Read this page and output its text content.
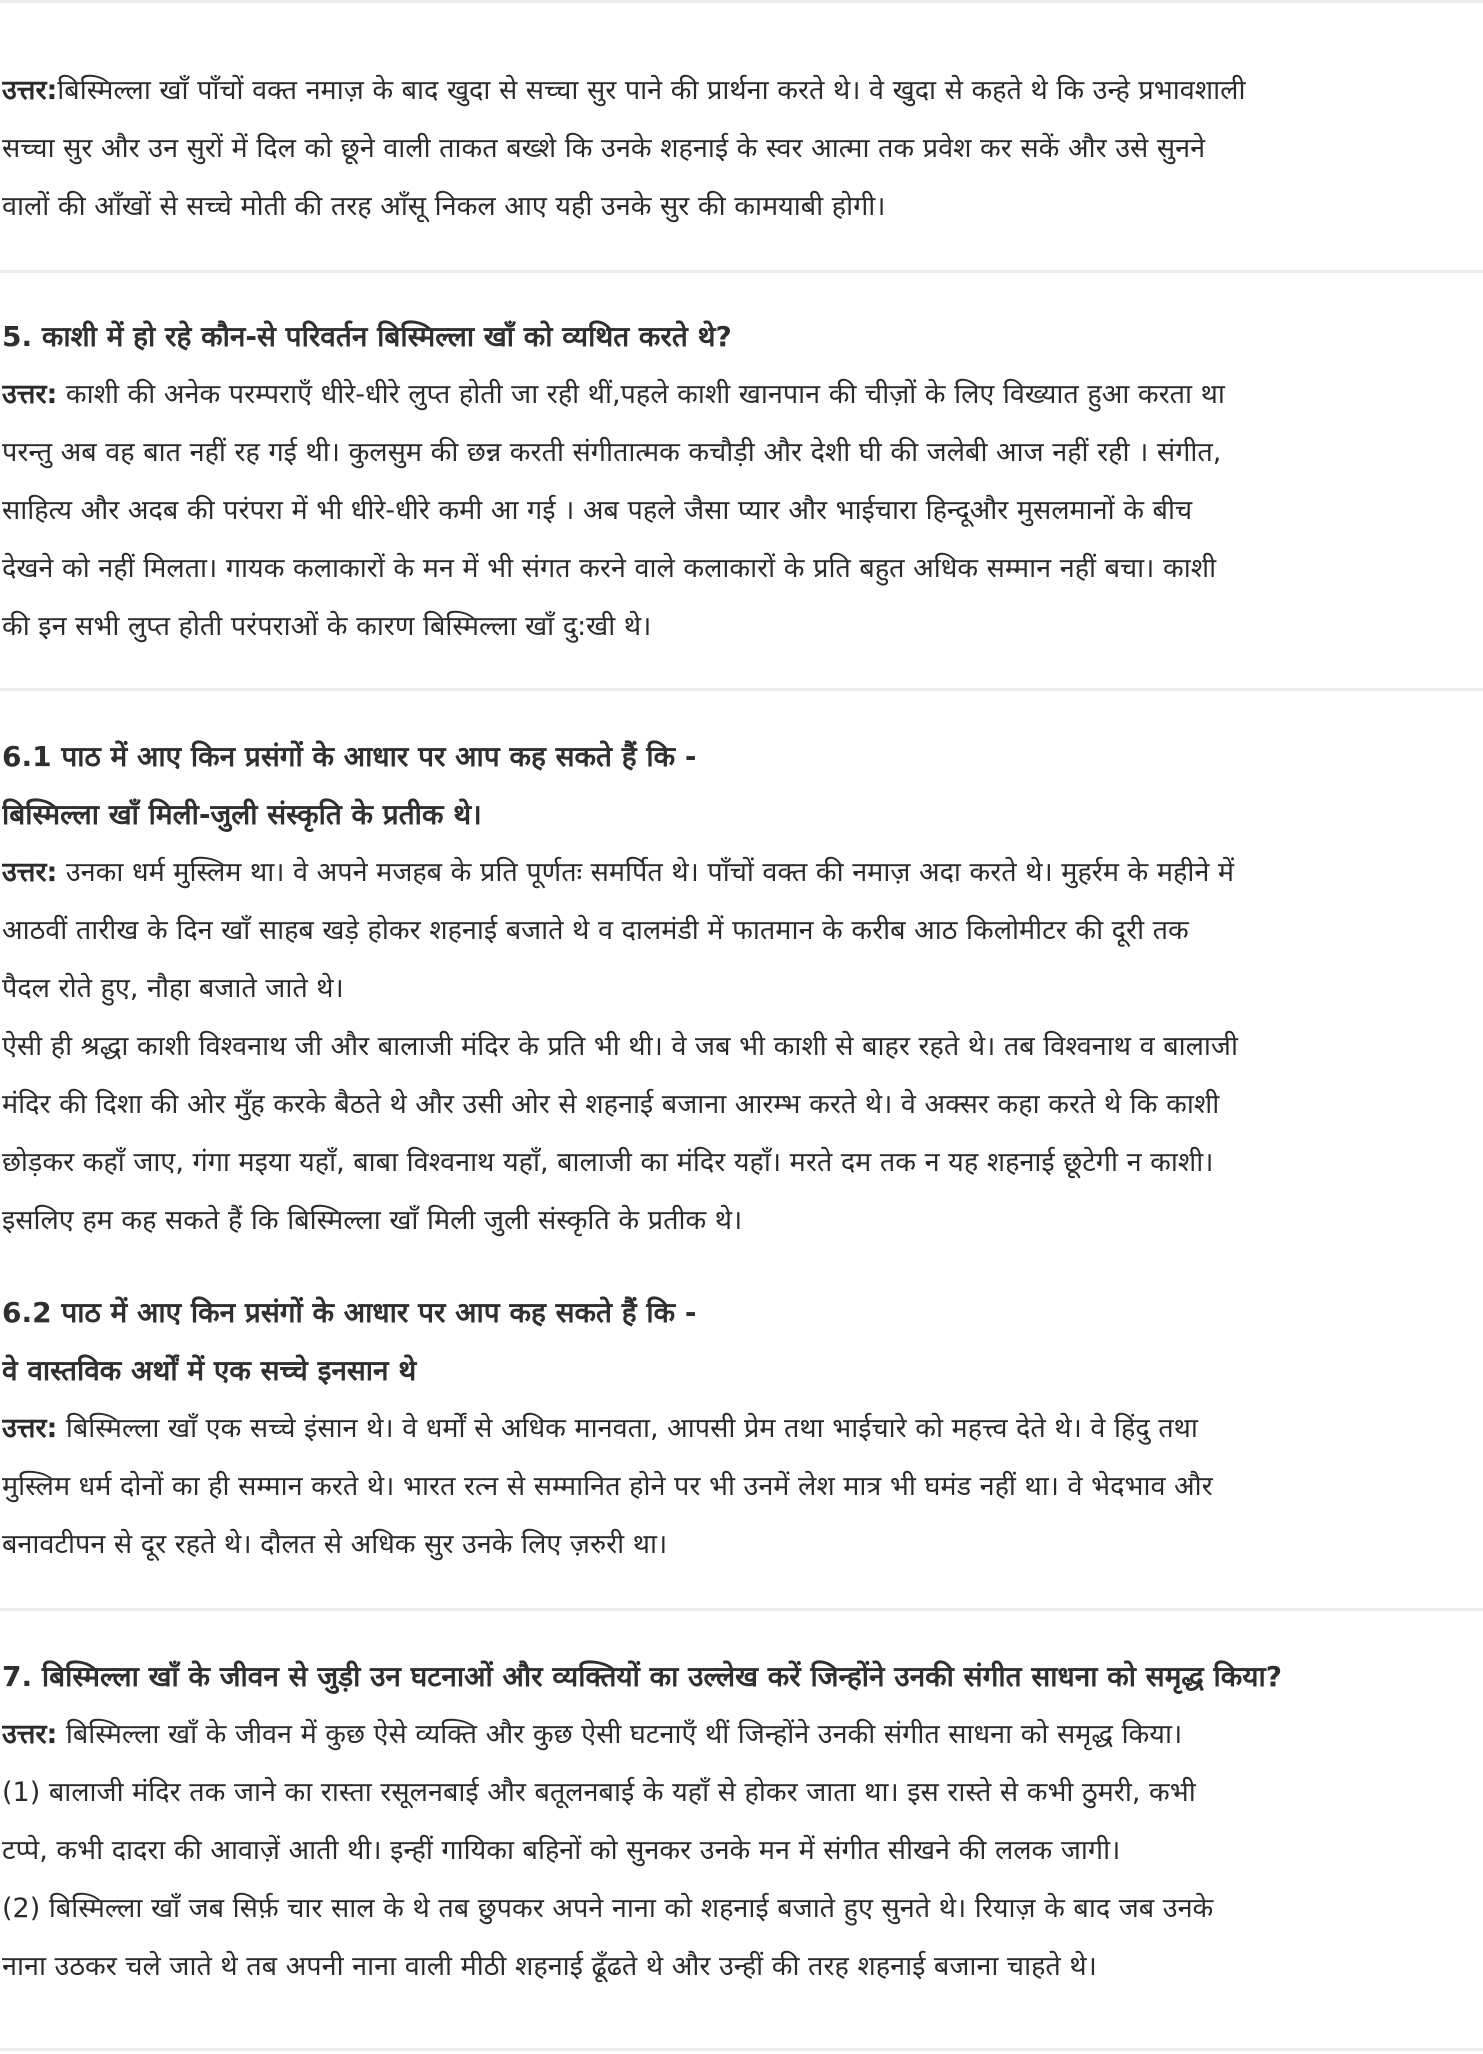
उत्तर:बिस्मिल्ला खाँ पाँचों वक्त नमाज़ के बाद खुदा से सच्चा सुर पाने की प्रार्थना करते थे। वे खुदा से कहते थे कि उन्हे प्रभावशाली
सच्चा सुर और उन सुरों में दिल को छूने वाली ताकत बख्शे कि उनके शहनाई के स्वर आत्मा तक प्रवेश कर सकें और उसे सुनने
वालों की आँखों से सच्चे मोती की तरह आँसू निकल आए यही उनके सुर की कामयाबी होगी।
5. काशी में हो रहे कौन-से परिवर्तन बिस्मिल्ला खाँ को व्यथित करते थे?
उत्तर: काशी की अनेक परम्पराएँ धीरे-धीरे लुप्त होती जा रही थीं,पहले काशी खानपान की चीज़ों के लिए विख्यात हुआ करता था
परन्तु अब वह बात नहीं रह गई थी। कुलसुम की छन्न करती संगीतात्मक कचौड़ी और देशी घी की जलेबी आज नहीं रही । संगीत,
साहित्य और अदब की परंपरा में भी धीरे-धीरे कमी आ गई । अब पहले जैसा प्यार और भाईचारा हिन्दूऔर मुसलमानों के बीच
देखने को नहीं मिलता। गायक कलाकारों के मन में भी संगत करने वाले कलाकारों के प्रति बहुत अधिक सम्मान नहीं बचा। काशी
की इन सभी लुप्त होती परंपराओं के कारण बिस्मिल्ला खाँ दु:खी थे।
6.1 पाठ में आए किन प्रसंगों के आधार पर आप कह सकते हैं कि -
बिस्मिल्ला खाँ मिली-जुली संस्कृति के प्रतीक थे।
उत्तर: उनका धर्म मुस्लिम था। वे अपने मजहब के प्रति पूर्णतः समर्पित थे। पाँचों वक्त की नमाज़ अदा करते थे। मुहर्रम के महीने में
आठवीं तारीख के दिन खाँ साहब खड़े होकर शहनाई बजाते थे व दालमंडी में फातमान के करीब आठ किलोमीटर की दूरी तक
पैदल रोते हुए, नौहा बजाते जाते थे।
ऐसी ही श्रद्धा काशी विश्वनाथ जी और बालाजी मंदिर के प्रति भी थी। वे जब भी काशी से बाहर रहते थे। तब विश्वनाथ व बालाजी
मंदिर की दिशा की ओर मुँह करके बैठते थे और उसी ओर से शहनाई बजाना आरम्भ करते थे। वे अक्सर कहा करते थे कि काशी
छोड़कर कहाँ जाए, गंगा मइया यहाँ, बाबा विश्वनाथ यहाँ, बालाजी का मंदिर यहाँ। मरते दम तक न यह शहनाई छूटेगी न काशी।
इसलिए हम कह सकते हैं कि बिस्मिल्ला खाँ मिली जुली संस्कृति के प्रतीक थे।
6.2 पाठ में आए किन प्रसंगों के आधार पर आप कह सकते हैं कि -
वे वास्तविक अर्थों में एक सच्चे इनसान थे
उत्तर: बिस्मिल्ला खाँ एक सच्चे इंसान थे। वे धर्मों से अधिक मानवता, आपसी प्रेम तथा भाईचारे को महत्त्व देते थे। वे हिंदु तथा
मुस्लिम धर्म दोनों का ही सम्मान करते थे। भारत रत्न से सम्मानित होने पर भी उनमें लेश मात्र भी घमंड नहीं था। वे भेदभाव और
बनावटीपन से दूर रहते थे। दौलत से अधिक सुर उनके लिए ज़रुरी था।
7. बिस्मिल्ला खाँ के जीवन से जुड़ी उन घटनाओं और व्यक्तियों का उल्लेख करें जिन्होंने उनकी संगीत साधना को समृद्ध किया?
उत्तर: बिस्मिल्ला खाँ के जीवन में कुछ ऐसे व्यक्ति और कुछ ऐसी घटनाएँ थीं जिन्होंने उनकी संगीत साधना को समृद्ध किया।
(1) बालाजी मंदिर तक जाने का रास्ता रसूलनबाई और बतूलनबाई के यहाँ से होकर जाता था। इस रास्ते से कभी ठुमरी, कभी
टप्पे, कभी दादरा की आवाज़ें आती थी। इन्हीं गायिका बहिनों को सुनकर उनके मन में संगीत सीखने की ललक जागी।
(2) बिस्मिल्ला खाँ जब सिर्फ़ चार साल के थे तब छुपकर अपने नाना को शहनाई बजाते हुए सुनते थे। रियाज़ के बाद जब उनके
नाना उठकर चले जाते थे तब अपनी नाना वाली मीठी शहनाई ढूँढते थे और उन्हीं की तरह शहनाई बजाना चाहते थे।
